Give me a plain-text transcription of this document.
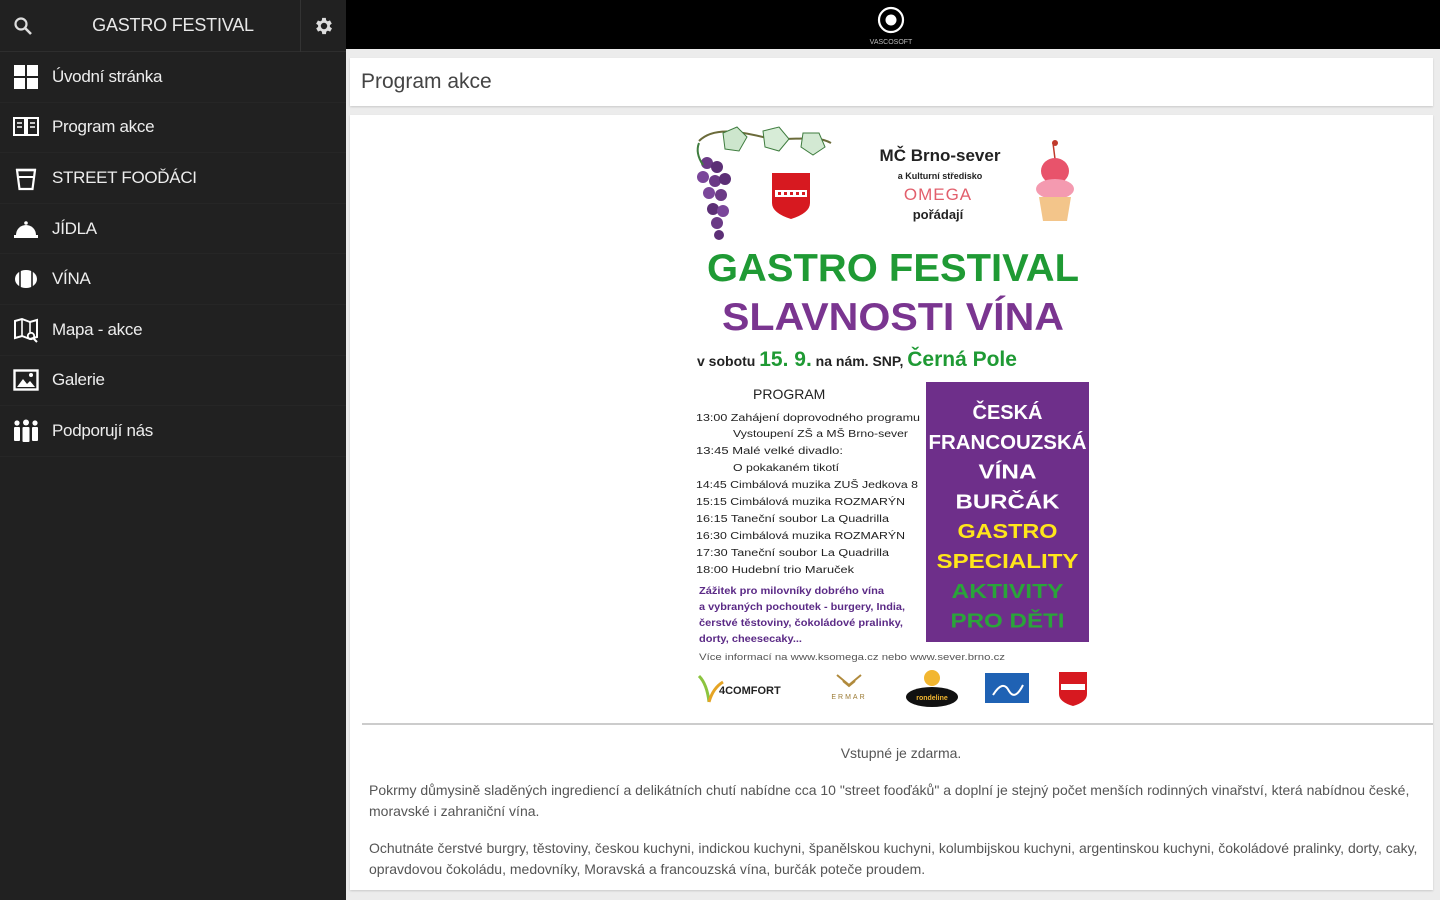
GASTRO FESTIVAL
Úvodní stránka
Program akce
STREET FOOĎÁCI
JÍDLA
VÍNA
Mapa - akce
Galerie
Podporují nás
VASCOSOFT
Program akce
MČ Brno-sever
a Kulturní středisko
OMEGA
pořádají
GASTRO FESTIVAL
SLAVNOSTI VÍNA
v sobotu 15. 9. na nám. SNP, Černá Pole
PROGRAM
13:00 Zahájení doprovodného programu
Vystoupení ZŠ a MŠ Brno-sever
13:45 Malé velké divadlo:
O pokakaném tikotí
14:45 Cimbálová muzika ZUŠ Jedkova 8
15:15 Cimbálová muzika ROZMARÝN
16:15 Taneční soubor La Quadrilla
16:30 Cimbálová muzika ROZMARÝN
17:30 Taneční soubor La Quadrilla
18:00 Hudební trio Maruček
Zážitek pro milovníky dobrého vína
a vybraných pochoutek - burgery, India,
čerstvé těstoviny, čokoládové pralinky,
dorty, cheesecaky...
ČESKÁ
FRANCOUZSKÁ
VÍNA
BURČÁK
GASTRO
SPECIALITY
AKTIVITY
PRO DĚTI
Více informací na www.ksomega.cz nebo www.sever.brno.cz
4COMFORT
ERMAR	rondeline
Vstupné je zdarma.
Pokrmy důmysině sladěných ingrediencí a delikátních chutí nabídne cca 10 "street fooďáků" a doplní je stejný počet menších rodinných vinařství, která nabídnou české, moravské i zahraniční vína.
Ochutnáte čerstvé burgry, těstoviny, českou kuchyni, indickou kuchyni, španělskou kuchyni, kolumbijskou kuchyni, argentinskou kuchyni, čokoládové pralinky, dorty, caky, opravdovou čokoládu, medovníky, Moravská a francouzská vína, burčák poteče proudem.
